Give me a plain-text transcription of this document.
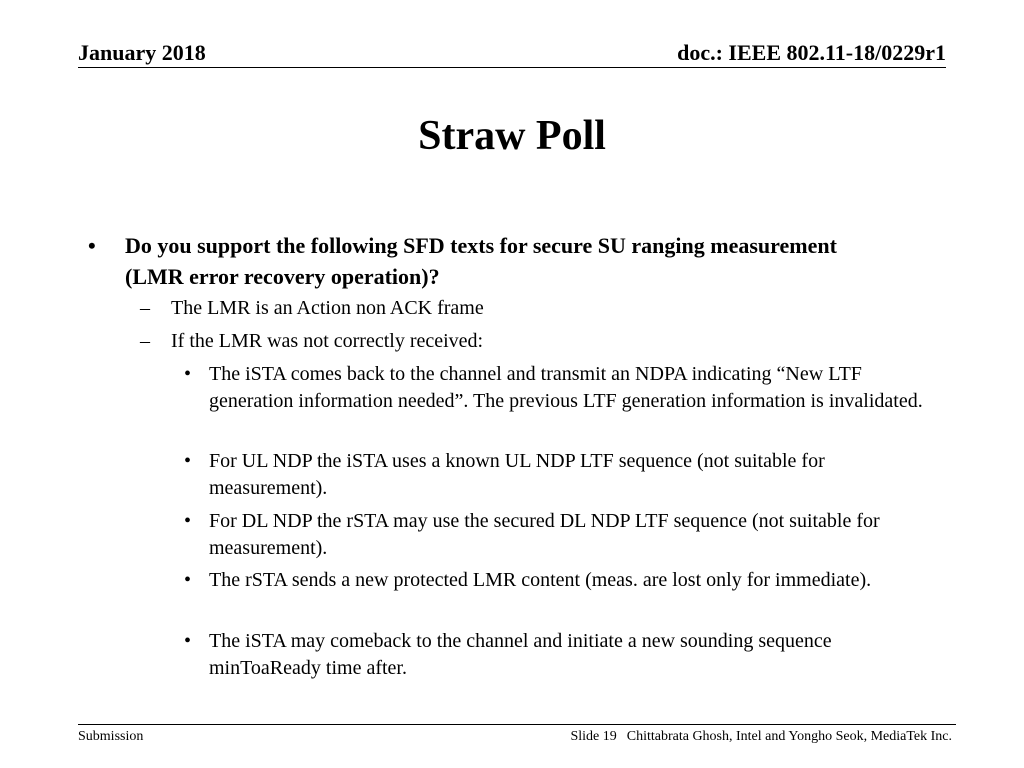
January 2018	doc.: IEEE 802.11-18/0229r1
Straw Poll
• Do you support the following SFD texts for secure SU ranging measurement (LMR error recovery operation)?
– The LMR is an Action non ACK frame
– If the LMR was not correctly received:
• The iSTA comes back to the channel and transmit an NDPA indicating “New LTF generation information needed”. The previous LTF generation information is invalidated.
• For UL NDP the iSTA uses a known UL NDP LTF sequence (not suitable for measurement).
• For DL NDP the rSTA may use the secured DL NDP LTF sequence (not suitable for measurement).
• The rSTA sends a new protected LMR content (meas. are lost only for immediate).
• The iSTA may comeback to the channel and initiate a new sounding sequence minToaReady time after.
Submission	Slide 19 Chittabrata Ghosh, Intel and Yongho Seok, MediaTek Inc.
